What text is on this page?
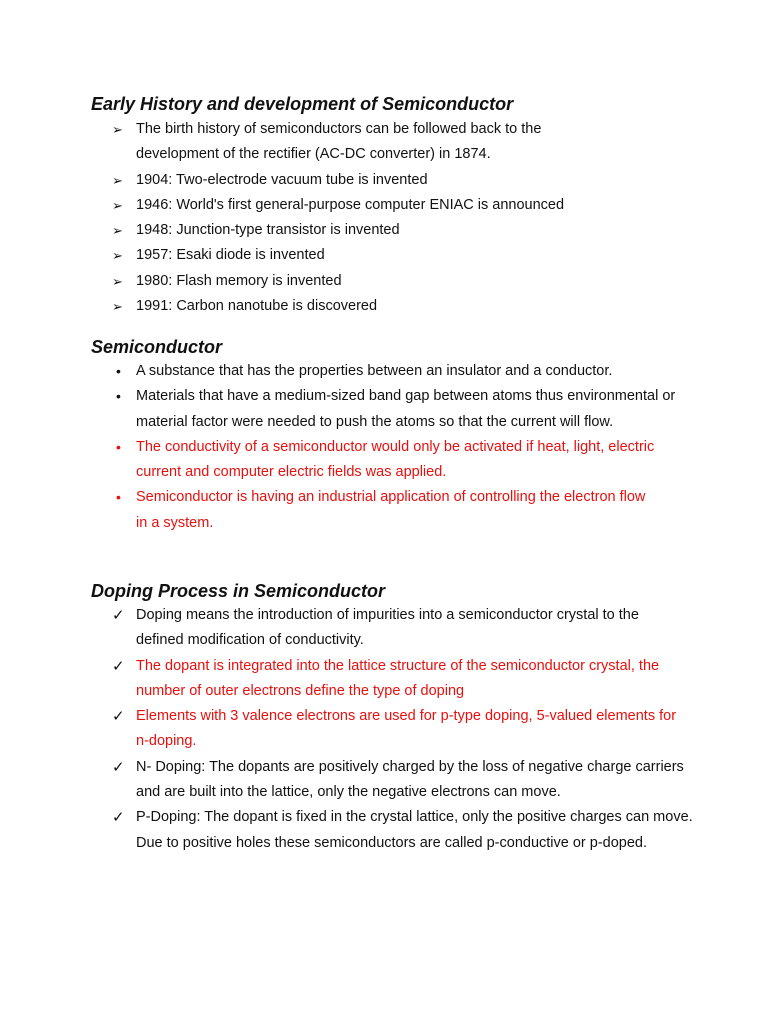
Early History and development of Semiconductor
➢ The birth history of semiconductors can be followed back to the development of the rectifier (AC-DC converter) in 1874.
➢ 1904: Two-electrode vacuum tube is invented
➢ 1946: World's first general-purpose computer ENIAC is announced
➢ 1948: Junction-type transistor is invented
➢ 1957: Esaki diode is invented
➢ 1980: Flash memory is invented
➢ 1991: Carbon nanotube is discovered
Semiconductor
•	A substance that has the properties between an insulator and a conductor.
•	Materials that have a medium-sized band gap between atoms thus environmental or material factor were needed to push the atoms so that the current will flow.
•	The conductivity of a semiconductor would only be activated if heat, light, electric current and computer electric fields was applied.
•	Semiconductor is having an industrial application of controlling the electron flow in a system.
Doping Process in Semiconductor
✓ Doping means the introduction of impurities into a semiconductor crystal to the defined modification of conductivity.
✓ The dopant is integrated into the lattice structure of the semiconductor crystal, the number of outer electrons define the type of doping
✓ Elements with 3 valence electrons are used for p-type doping, 5-valued elements for n-doping.
✓ N- Doping: The dopants are positively charged by the loss of negative charge carriers and are built into the lattice, only the negative electrons can move.
✓ P-Doping: The dopant is fixed in the crystal lattice, only the positive charges can move. Due to positive holes these semiconductors are called p-conductive or p-doped.
